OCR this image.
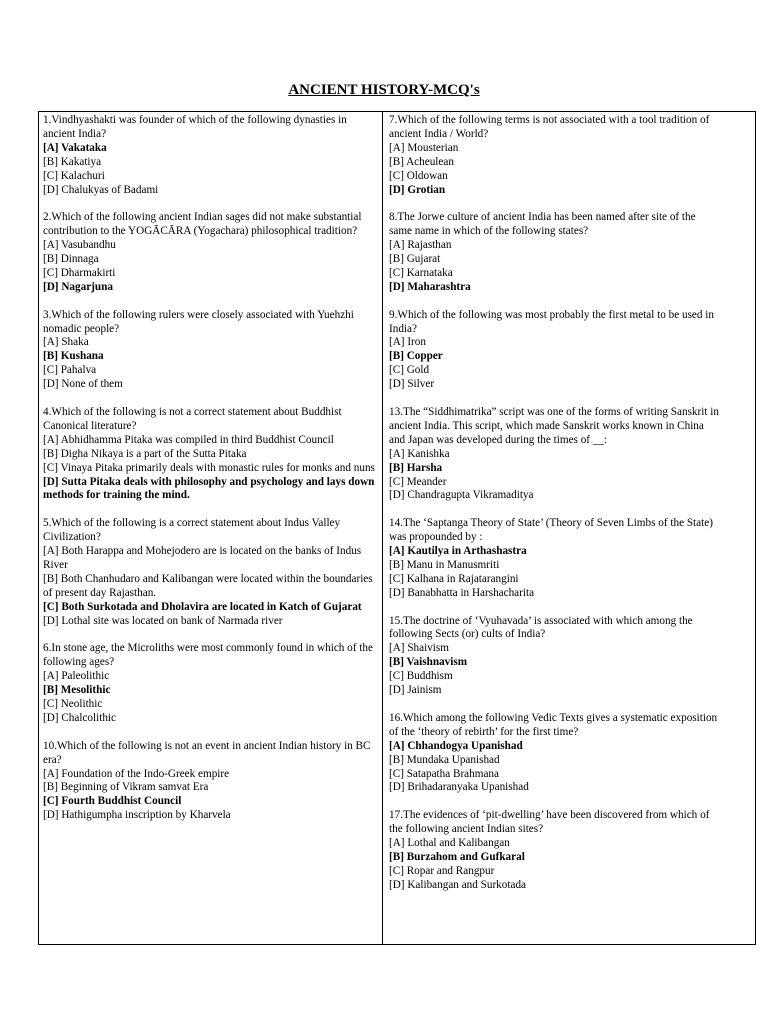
ANCIENT HISTORY-MCQ's
1.Vindhyashakti was founder of which of the following dynasties in ancient India?
[A] Vakataka
[B] Kakatiya
[C] Kalachuri
[D] Chalukyas of Badami
2.Which of the following ancient Indian sages did not make substantial contribution to the YOGĀCĀRA (Yogachara) philosophical tradition?
[A] Vasubandhu
[B] Dinnaga
[C] Dharmakirti
[D] Nagarjuna
3.Which of the following rulers were closely associated with Yuehzhi nomadic people?
[A] Shaka
[B] Kushana
[C] Pahalva
[D] None of them
4.Which of the following is not a correct statement about Buddhist Canonical literature?
[A] Abhidhamma Pitaka was compiled in third Buddhist Council
[B] Digha Nikaya is a part of the Sutta Pitaka
[C] Vinaya Pitaka primarily deals with monastic rules for monks and nuns
[D] Sutta Pitaka deals with philosophy and psychology and lays down methods for training the mind.
5.Which of the following is a correct statement about Indus Valley Civilization?
[A] Both Harappa and Mohejodero are is located on the banks of Indus River
[B] Both Chanhudaro and Kalibangan were located within the boundaries of present day Rajasthan.
[C] Both Surkotada and Dholavira are located in Katch of Gujarat
[D] Lothal site was located on bank of Narmada river
6.In stone age, the Microliths were most commonly found in which of the following ages?
[A] Paleolithic
[B] Mesolithic
[C] Neolithic
[D] Chalcolithic
10.Which of the following is not an event in ancient Indian history in BC era?
[A] Foundation of the Indo-Greek empire
[B] Beginning of Vikram samvat Era
[C] Fourth Buddhist Council
[D] Hathigumpha inscription by Kharvela
7.Which of the following terms is not associated with a tool tradition of ancient India / World?
[A] Mousterian
[B] Acheulean
[C] Oldowan
[D] Grotian
8.The Jorwe culture of ancient India has been named after site of the same name in which of the following states?
[A] Rajasthan
[B] Gujarat
[C] Karnataka
[D] Maharashtra
9.Which of the following was most probably the first metal to be used in India?
[A] Iron
[B] Copper
[C] Gold
[D] Silver
13.The “Siddhimatrika” script was one of the forms of writing Sanskrit in ancient India. This script, which made Sanskrit works known in China and Japan was developed during the times of __:
[A] Kanishka
[B] Harsha
[C] Meander
[D] Chandragupta Vikramaditya
14.The ‘Saptanga Theory of State’ (Theory of Seven Limbs of the State) was propounded by :
[A] Kautilya in Arthashastra
[B] Manu in Manusmriti
[C] Kalhana in Rajatarangini
[D] Banabhatta in Harshacharita
15.The doctrine of ‘Vyuhavada’ is associated with which among the following Sects (or) cults of India?
[A] Shaivism
[B] Vaishnavism
[C] Buddhism
[D] Jainism
16.Which among the following Vedic Texts gives a systematic exposition of the ‘theory of rebirth’ for the first time?
[A] Chhandogya Upanishad
[B] Mundaka Upanishad
[C] Satapatha Brahmana
[D] Brihadaranyaka Upanishad
17.The evidences of ‘pit-dwelling’ have been discovered from which of the following ancient Indian sites?
[A] Lothal and Kalibangan
[B] Burzahom and Gufkaral
[C] Ropar and Rangpur
[D] Kalibangan and Surkotada
